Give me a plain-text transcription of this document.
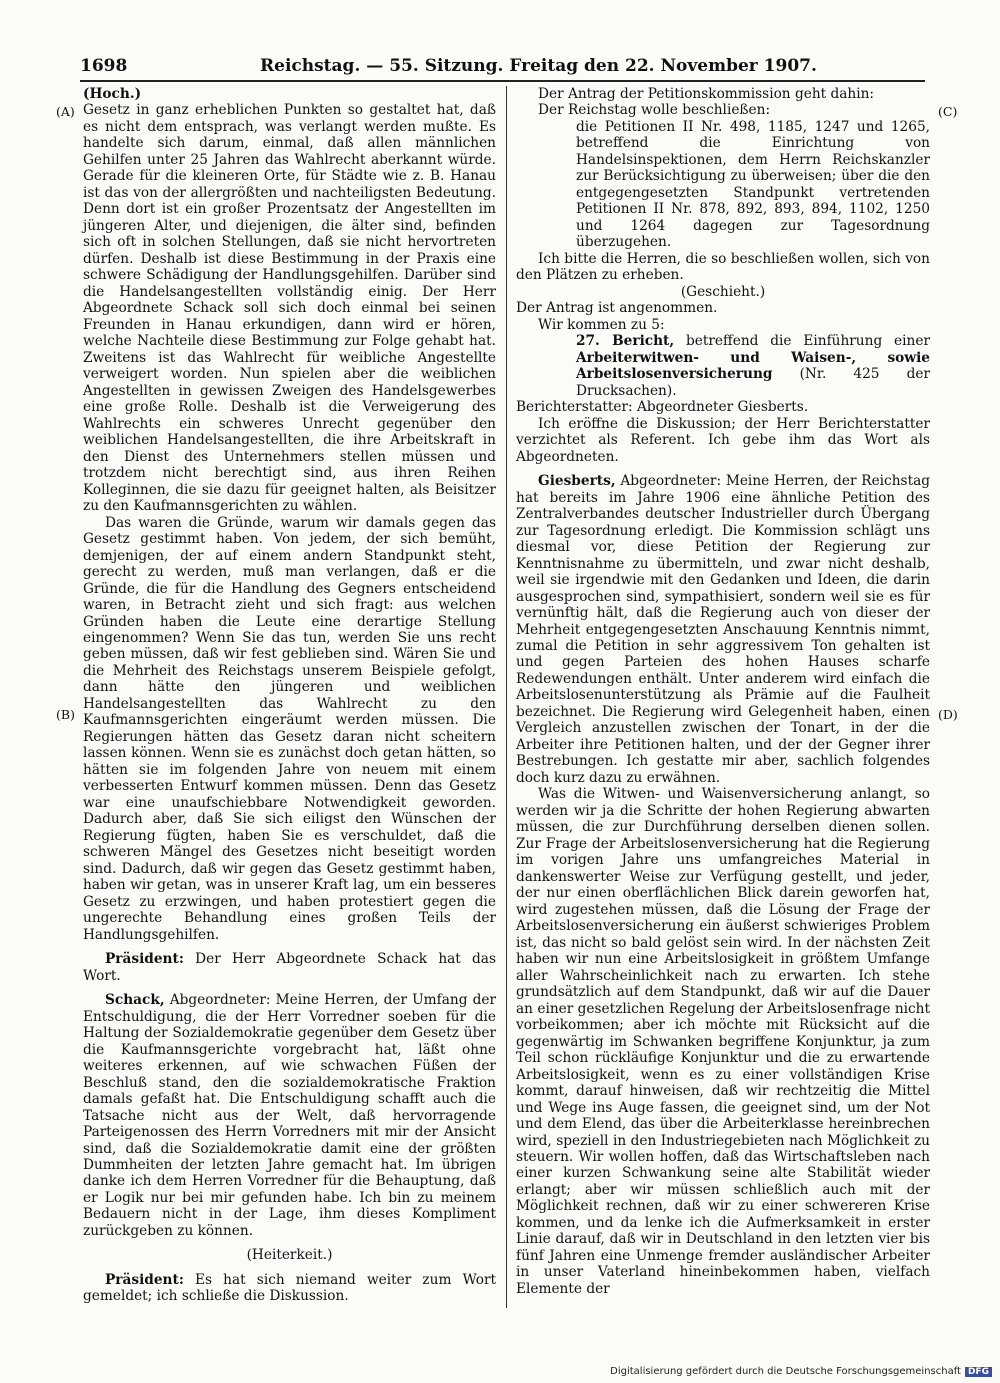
1698	Reichstag. — 55. Sitzung. Freitag den 22. November 1907.
(A)
(B)
(C)
(D)

(Hoch.)

Gesetz in ganz erheblichen Punkten so gestaltet hat, daß es nicht dem entsprach, was verlangt werden mußte. Es handelte sich darum, einmal, daß allen männlichen Gehilfen unter 25 Jahren das Wahlrecht aberkannt würde. Gerade für die kleineren Orte, für Städte wie z. B. Hanau ist das von der allergrößten und nachteiligsten Bedeutung. Denn dort ist ein großer Prozentsatz der Angestellten im jüngeren Alter, und diejenigen, die älter sind, befinden sich oft in solchen Stellungen, daß sie nicht hervortreten dürfen. Deshalb ist diese Bestimmung in der Praxis eine schwere Schädigung der Handlungsgehilfen. Darüber sind die Handelsangestellten vollständig einig. Der Herr Abgeordnete Schack soll sich doch einmal bei seinen Freunden in Hanau erkundigen, dann wird er hören, welche Nachteile diese Bestimmung zur Folge gehabt hat. Zweitens ist das Wahlrecht für weibliche Angestellte verweigert worden. Nun spielen aber die weiblichen Angestellten in gewissen Zweigen des Handelsgewerbes eine große Rolle. Deshalb ist die Verweigerung des Wahlrechts ein schweres Unrecht gegenüber den weiblichen Handelsangestellten, die ihre Arbeitskraft in den Dienst des Unternehmers stellen müssen und trotzdem nicht berechtigt sind, aus ihren Reihen Kolleginnen, die sie dazu für geeignet halten, als Beisitzer zu den Kaufmannsgerichten zu wählen.

Das waren die Gründe, warum wir damals gegen das Gesetz gestimmt haben. Von jedem, der sich bemüht, demjenigen, der auf einem andern Standpunkt steht, gerecht zu werden, muß man verlangen, daß er die Gründe, die für die Handlung des Gegners entscheidend waren, in Betracht zieht und sich fragt: aus welchen Gründen haben die Leute eine derartige Stellung eingenommen? Wenn Sie das tun, werden Sie uns recht geben müssen, daß wir fest geblieben sind. Wären Sie und die Mehrheit des Reichstags unserem Beispiele gefolgt, dann hätte den jüngeren und weiblichen Handelsangestellten das Wahlrecht zu den Kaufmannsgerichten eingeräumt werden müssen. Die Regierungen hätten das Gesetz daran nicht scheitern lassen können. Wenn sie es zunächst doch getan hätten, so hätten sie im folgenden Jahre von neuem mit einem verbesserten Entwurf kommen müssen. Denn das Gesetz war eine unaufschiebbare Notwendigkeit geworden. Dadurch aber, daß Sie sich eiligst den Wünschen der Regierung fügten, haben Sie es verschuldet, daß die schweren Mängel des Gesetzes nicht beseitigt worden sind. Dadurch, daß wir gegen das Gesetz gestimmt haben, haben wir getan, was in unserer Kraft lag, um ein besseres Gesetz zu erzwingen, und haben protestiert gegen die ungerechte Behandlung eines großen Teils der Handlungsgehilfen.

Präsident: Der Herr Abgeordnete Schack hat das Wort.

Schack, Abgeordneter: Meine Herren, der Umfang der Entschuldigung, die der Herr Vorredner soeben für die Haltung der Sozialdemokratie gegenüber dem Gesetz über die Kaufmannsgerichte vorgebracht hat, läßt ohne weiteres erkennen, auf wie schwachen Füßen der Beschluß stand, den die sozialdemokratische Fraktion damals gefaßt hat. Die Entschuldigung schafft auch die Tatsache nicht aus der Welt, daß hervorragende Parteigenossen des Herrn Vorredners mit mir der Ansicht sind, daß die Sozialdemokratie damit eine der größten Dummheiten der letzten Jahre gemacht hat. Im übrigen danke ich dem Herren Vorredner für die Behauptung, daß er Logik nur bei mir gefunden habe. Ich bin zu meinem Bedauern nicht in der Lage, ihm dieses Kompliment zurückgeben zu können.

(Heiterkeit.)

Präsident: Es hat sich niemand weiter zum Wort gemeldet; ich schließe die Diskussion.

Der Antrag der Petitionskommission geht dahin:

Der Reichstag wolle beschließen:

die Petitionen II Nr. 498, 1185, 1247 und 1265, betreffend die Einrichtung von Handelsinspektionen, dem Herrn Reichskanzler zur Berücksichtigung zu überweisen; über die den entgegengesetzten Standpunkt vertretenden Petitionen II Nr. 878, 892, 893, 894, 1102, 1250 und 1264 dagegen zur Tagesordnung überzugehen.

Ich bitte die Herren, die so beschließen wollen, sich von den Plätzen zu erheben.

(Geschieht.)

Der Antrag ist angenommen.

Wir kommen zu 5:

27. Bericht, betreffend die Einführung einer Arbeiterwitwen- und Waisen-, sowie Arbeitslosenversicherung (Nr. 425 der Drucksachen).

Berichterstatter: Abgeordneter Giesberts.

Ich eröffne die Diskussion; der Herr Berichterstatter verzichtet als Referent. Ich gebe ihm das Wort als Abgeordneten.

Giesberts, Abgeordneter: Meine Herren, der Reichstag hat bereits im Jahre 1906 eine ähnliche Petition des Zentralverbandes deutscher Industrieller durch Übergang zur Tagesordnung erledigt. Die Kommission schlägt uns diesmal vor, diese Petition der Regierung zur Kenntnisnahme zu übermitteln, und zwar nicht deshalb, weil sie irgendwie mit den Gedanken und Ideen, die darin ausgesprochen sind, sympathisiert, sondern weil sie es für vernünftig hält, daß die Regierung auch von dieser der Mehrheit entgegengesetzten Anschauung Kenntnis nimmt, zumal die Petition in sehr aggressivem Ton gehalten ist und gegen Parteien des hohen Hauses scharfe Redewendungen enthält. Unter anderem wird einfach die Arbeitslosenunterstützung als Prämie auf die Faulheit bezeichnet. Die Regierung wird Gelegenheit haben, einen Vergleich anzustellen zwischen der Tonart, in der die Arbeiter ihre Petitionen halten, und der der Gegner ihrer Bestrebungen. Ich gestatte mir aber, sachlich folgendes doch kurz dazu zu erwähnen.

Was die Witwen- und Waisenversicherung anlangt, so werden wir ja die Schritte der hohen Regierung abwarten müssen, die zur Durchführung derselben dienen sollen. Zur Frage der Arbeitslosenversicherung hat die Regierung im vorigen Jahre uns umfangreiches Material in dankenswerter Weise zur Verfügung gestellt, und jeder, der nur einen oberflächlichen Blick darein geworfen hat, wird zugestehen müssen, daß die Lösung der Frage der Arbeitslosenversicherung ein äußerst schwieriges Problem ist, das nicht so bald gelöst sein wird. In der nächsten Zeit haben wir nun eine Arbeitslosigkeit in größtem Umfange aller Wahrscheinlichkeit nach zu erwarten. Ich stehe grundsätzlich auf dem Standpunkt, daß wir auf die Dauer an einer gesetzlichen Regelung der Arbeitslosenfrage nicht vorbeikommen; aber ich möchte mit Rücksicht auf die gegenwärtig im Schwanken begriffene Konjunktur, ja zum Teil schon rückläufige Konjunktur und die zu erwartende Arbeitslosigkeit, wenn es zu einer vollständigen Krise kommt, darauf hinweisen, daß wir rechtzeitig die Mittel und Wege ins Auge fassen, die geeignet sind, um der Not und dem Elend, das über die Arbeiterklasse hereinbrechen wird, speziell in den Industriegebieten nach Möglichkeit zu steuern. Wir wollen hoffen, daß das Wirtschaftsleben nach einer kurzen Schwankung seine alte Stabilität wieder erlangt; aber wir müssen schließlich auch mit der Möglichkeit rechnen, daß wir zu einer schwereren Krise kommen, und da lenke ich die Aufmerksamkeit in erster Linie darauf, daß wir in Deutschland in den letzten vier bis fünf Jahren eine Unmenge fremder ausländischer Arbeiter in unser Vaterland hineinbekommen haben, vielfach Elemente der

Digitalisierung gefördert durch die Deutsche Forschungsgemeinschaft DFG
